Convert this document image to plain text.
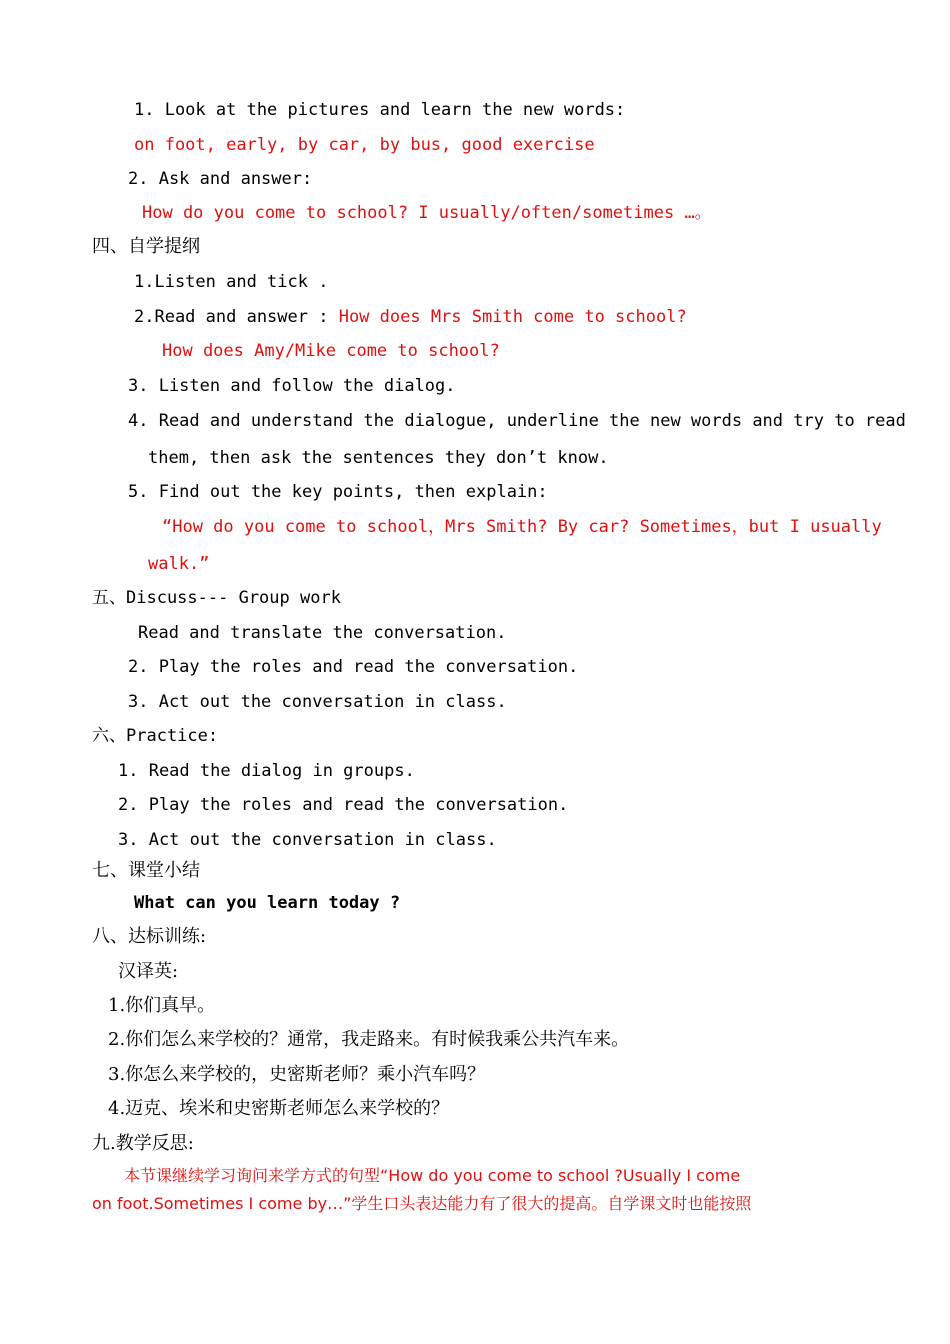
1. Look at the pictures and learn the new words:
on foot, early, by car, by bus, good exercise
2. Ask and answer:
How do you come to school? I usually/often/sometimes …。
四、自学提纲
1.Listen and tick .
2.Read and answer : How does Mrs Smith come to school?
How does Amy/Mike come to school?
3. Listen and follow the dialog.
4. Read and understand the dialogue, underline the new words and try to read
them, then ask the sentences they don’t know.
5. Find out the key points, then explain:
“How do you come to school，Mrs Smith? By car? Sometimes，but I usually
walk.”
五、Discuss--- Group work
Read and translate the conversation.
2. Play the roles and read the conversation.
3. Act out the conversation in class.
六、Practice:
1. Read the dialog in groups.
2. Play the roles and read the conversation.
3. Act out the conversation in class.
七、课堂小结
What can you learn today ?
八、达标训练:
汉译英:
1.你们真早。
2.你们怎么来学校的？通常，我走路来。有时候我乘公共汽车来。
3.你怎么来学校的，史密斯老师？乘小汽车吗？
4.迈克、埃米和史密斯老师怎么来学校的？
九.教学反思:
本节课继续学习询问来学方式的句型“How do you come to school ?Usually I come
on foot.Sometimes I come by…”学生口头表达能力有了很大的提高。自学课文时也能按照
